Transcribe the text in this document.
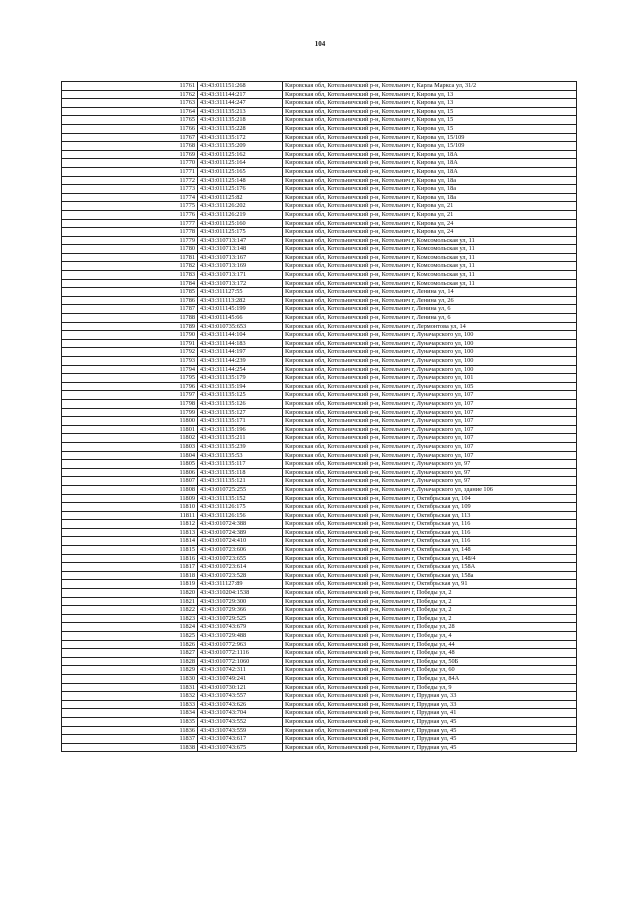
104
11761	43:43:011151:268	Кировская обл, Котельничский р-н, Котельнич г, Карла Маркса ул, 31/2
11762	43:43:311144:217	Кировская обл, Котельничский р-н, Котельнич г, Кирова ул, 13
11763	43:43:311144:247	Кировская обл, Котельничский р-н, Котельнич г, Кирова ул, 13
11764	43:43:311135:213	Кировская обл, Котельничский р-н, Котельнич г, Кирова ул, 15
11765	43:43:311135:218	Кировская обл, Котельничский р-н, Котельнич г, Кирова ул, 15
11766	43:43:311135:228	Кировская обл, Котельничский р-н, Котельнич г, Кирова ул, 15
11767	43:43:311135:172	Кировская обл, Котельничский р-н, Котельнич г, Кирова ул, 15/109
11768	43:43:311135:209	Кировская обл, Котельничский р-н, Котельнич г, Кирова ул, 15/109
11769	43:43:011125:162	Кировская обл, Котельничский р-н, Котельнич г, Кирова ул, 18А
11770	43:43:011125:164	Кировская обл, Котельничский р-н, Котельнич г, Кирова ул, 18А
11771	43:43:011125:165	Кировская обл, Котельничский р-н, Котельнич г, Кирова ул, 18А
11772	43:43:011125:148	Кировская обл, Котельничский р-н, Котельнич г, Кирова ул, 18а
11773	43:43:011125:176	Кировская обл, Котельничский р-н, Котельнич г, Кирова ул, 18а
11774	43:43:011125:82	Кировская обл, Котельничский р-н, Котельнич г, Кирова ул, 18а
11775	43:43:311126:202	Кировская обл, Котельничский р-н, Котельнич г, Кирова ул, 21
11776	43:43:311126:219	Кировская обл, Котельничский р-н, Котельнич г, Кирова ул, 21
11777	43:43:011125:160	Кировская обл, Котельничский р-н, Котельнич г, Кирова ул, 24
11778	43:43:011125:175	Кировская обл, Котельничский р-н, Котельнич г, Кирова ул, 24
11779	43:43:310713:147	Кировская обл, Котельничский р-н, Котельнич г, Комсомольская ул, 11
11780	43:43:310713:148	Кировская обл, Котельничский р-н, Котельнич г, Комсомольская ул, 11
11781	43:43:310713:167	Кировская обл, Котельничский р-н, Котельнич г, Комсомольская ул, 11
11782	43:43:310713:169	Кировская обл, Котельничский р-н, Котельнич г, Комсомольская ул, 11
11783	43:43:310713:171	Кировская обл, Котельничский р-н, Котельнич г, Комсомольская ул, 11
11784	43:43:310713:172	Кировская обл, Котельничский р-н, Котельнич г, Комсомольская ул, 11
11785	43:43:311127:55	Кировская обл, Котельничский р-н, Котельнич г, Ленина ул, 14
11786	43:43:311113:282	Кировская обл, Котельничский р-н, Котельнич г, Ленина ул, 26
11787	43:43:011145:199	Кировская обл, Котельничский р-н, Котельнич г, Ленина ул, 6
11788	43:43:011145:66	Кировская обл, Котельничский р-н, Котельнич г, Ленина ул, 6
11789	43:43:010735:653	Кировская обл, Котельничский р-н, Котельнич г, Лермонтова ул, 14
11790	43:43:311144:104	Кировская обл, Котельничский р-н, Котельнич г, Луначарского ул, 100
11791	43:43:311144:183	Кировская обл, Котельничский р-н, Котельнич г, Луначарского ул, 100
11792	43:43:311144:197	Кировская обл, Котельничский р-н, Котельнич г, Луначарского ул, 100
11793	43:43:311144:239	Кировская обл, Котельничский р-н, Котельнич г, Луначарского ул, 100
11794	43:43:311144:254	Кировская обл, Котельничский р-н, Котельнич г, Луначарского ул, 100
11795	43:43:311135:179	Кировская обл, Котельничский р-н, Котельнич г, Луначарского ул, 101
11796	43:43:311135:194	Кировская обл, Котельничский р-н, Котельнич г, Луначарского ул, 105
11797	43:43:311135:125	Кировская обл, Котельничский р-н, Котельнич г, Луначарского ул, 107
11798	43:43:311135:126	Кировская обл, Котельничский р-н, Котельнич г, Луначарского ул, 107
11799	43:43:311135:127	Кировская обл, Котельничский р-н, Котельнич г, Луначарского ул, 107
11800	43:43:311135:171	Кировская обл, Котельничский р-н, Котельнич г, Луначарского ул, 107
11801	43:43:311135:196	Кировская обл, Котельничский р-н, Котельнич г, Луначарского ул, 107
11802	43:43:311135:211	Кировская обл, Котельничский р-н, Котельнич г, Луначарского ул, 107
11803	43:43:311135:239	Кировская обл, Котельничский р-н, Котельнич г, Луначарского ул, 107
11804	43:43:311135:53	Кировская обл, Котельничский р-н, Котельнич г, Луначарского ул, 107
11805	43:43:311135:117	Кировская обл, Котельничский р-н, Котельнич г, Луначарского ул, 97
11806	43:43:311135:118	Кировская обл, Котельничский р-н, Котельнич г, Луначарского ул, 97
11807	43:43:311135:121	Кировская обл, Котельничский р-н, Котельнич г, Луначарского ул, 97
11808	43:43:010725:255	Кировская обл, Котельничский р-н, Котельнич г, Луначарского ул, здание 106
11809	43:43:311135:152	Кировская обл, Котельничский р-н, Котельнич г, Октябрьская ул, 104
11810	43:43:311126:175	Кировская обл, Котельничский р-н, Котельнич г, Октябрьская ул, 109
11811	43:43:311126:156	Кировская обл, Котельничский р-н, Котельнич г, Октябрьская ул, 113
11812	43:43:010724:388	Кировская обл, Котельничский р-н, Котельнич г, Октябрьская ул, 116
11813	43:43:010724:389	Кировская обл, Котельничский р-н, Котельнич г, Октябрьская ул, 116
11814	43:43:010724:410	Кировская обл, Котельничский р-н, Котельнич г, Октябрьская ул, 116
11815	43:43:010723:606	Кировская обл, Котельничский р-н, Котельнич г, Октябрьская ул, 148
11816	43:43:010723:655	Кировская обл, Котельничский р-н, Котельнич г, Октябрьская ул, 148/4
11817	43:43:010723:614	Кировская обл, Котельничский р-н, Котельнич г, Октябрьская ул, 158А
11818	43:43:010723:528	Кировская обл, Котельничский р-н, Котельнич г, Октябрьская ул, 158а
11819	43:43:311127:89	Кировская обл, Котельничский р-н, Котельнич г, Октябрьская ул, 91
11820	43:43:310204:1538	Кировская обл, Котельничский р-н, Котельнич г, Победы ул, 2
11821	43:43:310729:300	Кировская обл, Котельничский р-н, Котельнич г, Победы ул, 2
11822	43:43:310729:366	Кировская обл, Котельничский р-н, Котельнич г, Победы ул, 2
11823	43:43:310729:525	Кировская обл, Котельничский р-н, Котельнич г, Победы ул, 2
11824	43:43:310743:679	Кировская обл, Котельничский р-н, Котельнич г, Победы ул, 28
11825	43:43:310729:488	Кировская обл, Котельничский р-н, Котельнич г, Победы ул, 4
11826	43:43:010772:963	Кировская обл, Котельничский р-н, Котельнич г, Победы ул, 44
11827	43:43:010772:1116	Кировская обл, Котельничский р-н, Котельнич г, Победы ул, 48
11828	43:43:010772:1060	Кировская обл, Котельничский р-н, Котельнич г, Победы ул, 50Б
11829	43:43:310742:311	Кировская обл, Котельничский р-н, Котельнич г, Победы ул, 60
11830	43:43:310749:241	Кировская обл, Котельничский р-н, Котельнич г, Победы ул, 84А
11831	43:43:010730:121	Кировская обл, Котельничский р-н, Котельнич г, Победы ул, 9
11832	43:43:310743:557	Кировская обл, Котельничский р-н, Котельнич г, Прудная ул, 33
11833	43:43:310743:626	Кировская обл, Котельничский р-н, Котельнич г, Прудная ул, 33
11834	43:43:310743:704	Кировская обл, Котельничский р-н, Котельнич г, Прудная ул, 41
11835	43:43:310743:552	Кировская обл, Котельничский р-н, Котельнич г, Прудная ул, 45
11836	43:43:310743:559	Кировская обл, Котельничский р-н, Котельнич г, Прудная ул, 45
11837	43:43:310743:617	Кировская обл, Котельничский р-н, Котельнич г, Прудная ул, 45
11838	43:43:310743:675	Кировская обл, Котельничский р-н, Котельнич г, Прудная ул, 45
